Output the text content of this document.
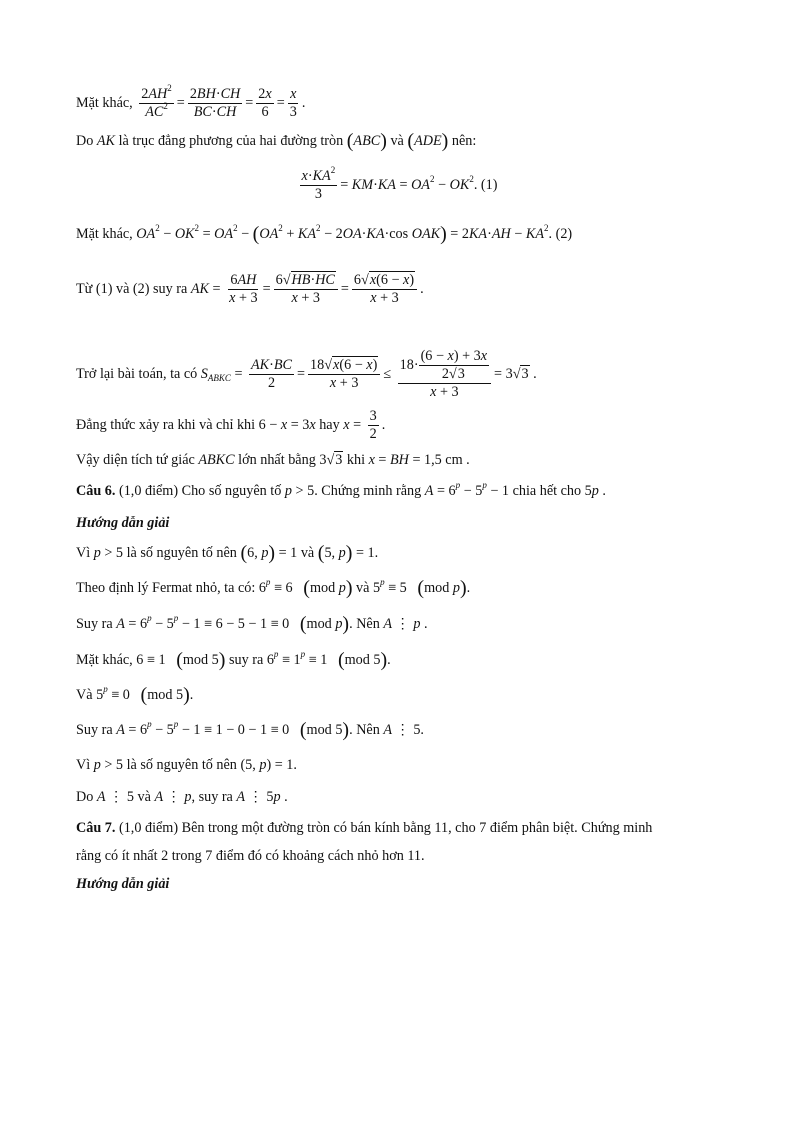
Mặt khác, $\frac{2AH^2}{AC^2} = \frac{2BH\cdot CH}{BC\cdot CH} = \frac{2x}{6} = \frac{x}{3}$ .
Do AK là trục đẳng phương của hai đường tròn (ABC) và (ADE) nên:
$\frac{x\cdot KA^2}{3} = KM\cdot KA = OA^2 - OK^2$. (1)
Mặt khác, $OA^2 - OK^2 = OA^2 - (OA^2 + KA^2 - 2OA\cdot KA\cdot\cos$ $OAK) = 2KA\cdot AH - KA^2$. (2)
Từ (1) và (2) suy ra AK = $\frac{6AH}{x + 3} = \frac{6√HB\cdot HC}{x + 3} = \frac{6√x(6 - x)}{x + 3}$ .
Trở lại bài toán, ta có $S_{ABKC} = \frac{AK\cdot BC}{2} = \frac{18√x(6 - x)}{x + 3} \le \frac{18\cdot \frac{(6 - x) + 3x}{2√3}}{x + 3} = 3√3$ .
Đẳng thức xảy ra khi và chỉ khi 6 − x = 3x hay $x = \frac{3}{2}$ .
Vậy diện tích tứ giác ABKC lớn nhất bằng 3√3 khi x = BH = 1,5 cm .
Câu 6. (1,0 điểm) Cho số nguyên tố p > 5. Chứng minh rằng $A = 6^p - 5^p - 1$ chia hết cho 5p .
Hướng dẫn giải
Vì p > 5 là số nguyên tố nên (6, p) = 1 và (5, p) = 1.
Theo định lý Fermat nhỏ, ta có: $6^p \equiv 6$   (mod p) và $5^p \equiv 5$   (mod p).
Suy ra $A = 6^p - 5^p - 1 \equiv 6 - 5 - 1 \equiv 0$   (mod p). Nên A ⋮ p .
Mặt khác, 6 ≡ 1   (mod 5) suy ra $6^p \equiv 1^p \equiv 1$   (mod 5).
Và $5^p \equiv 0$   (mod 5).
Suy ra $A = 6^p - 5^p - 1 \equiv 1 - 0 - 1 \equiv 0$   (mod 5). Nên A ⋮ 5.
Vì p > 5 là số nguyên tố nên (5, p) = 1.
Do A ⋮ 5 và A ⋮ p, suy ra A ⋮ 5p .
Câu 7. (1,0 điểm) Bên trong một đường tròn có bán kính bằng 11, cho 7 điểm phân biệt. Chứng minh
rằng có ít nhất 2 trong 7 điểm đó có khoảng cách nhỏ hơn 11.
Hướng dẫn giải
